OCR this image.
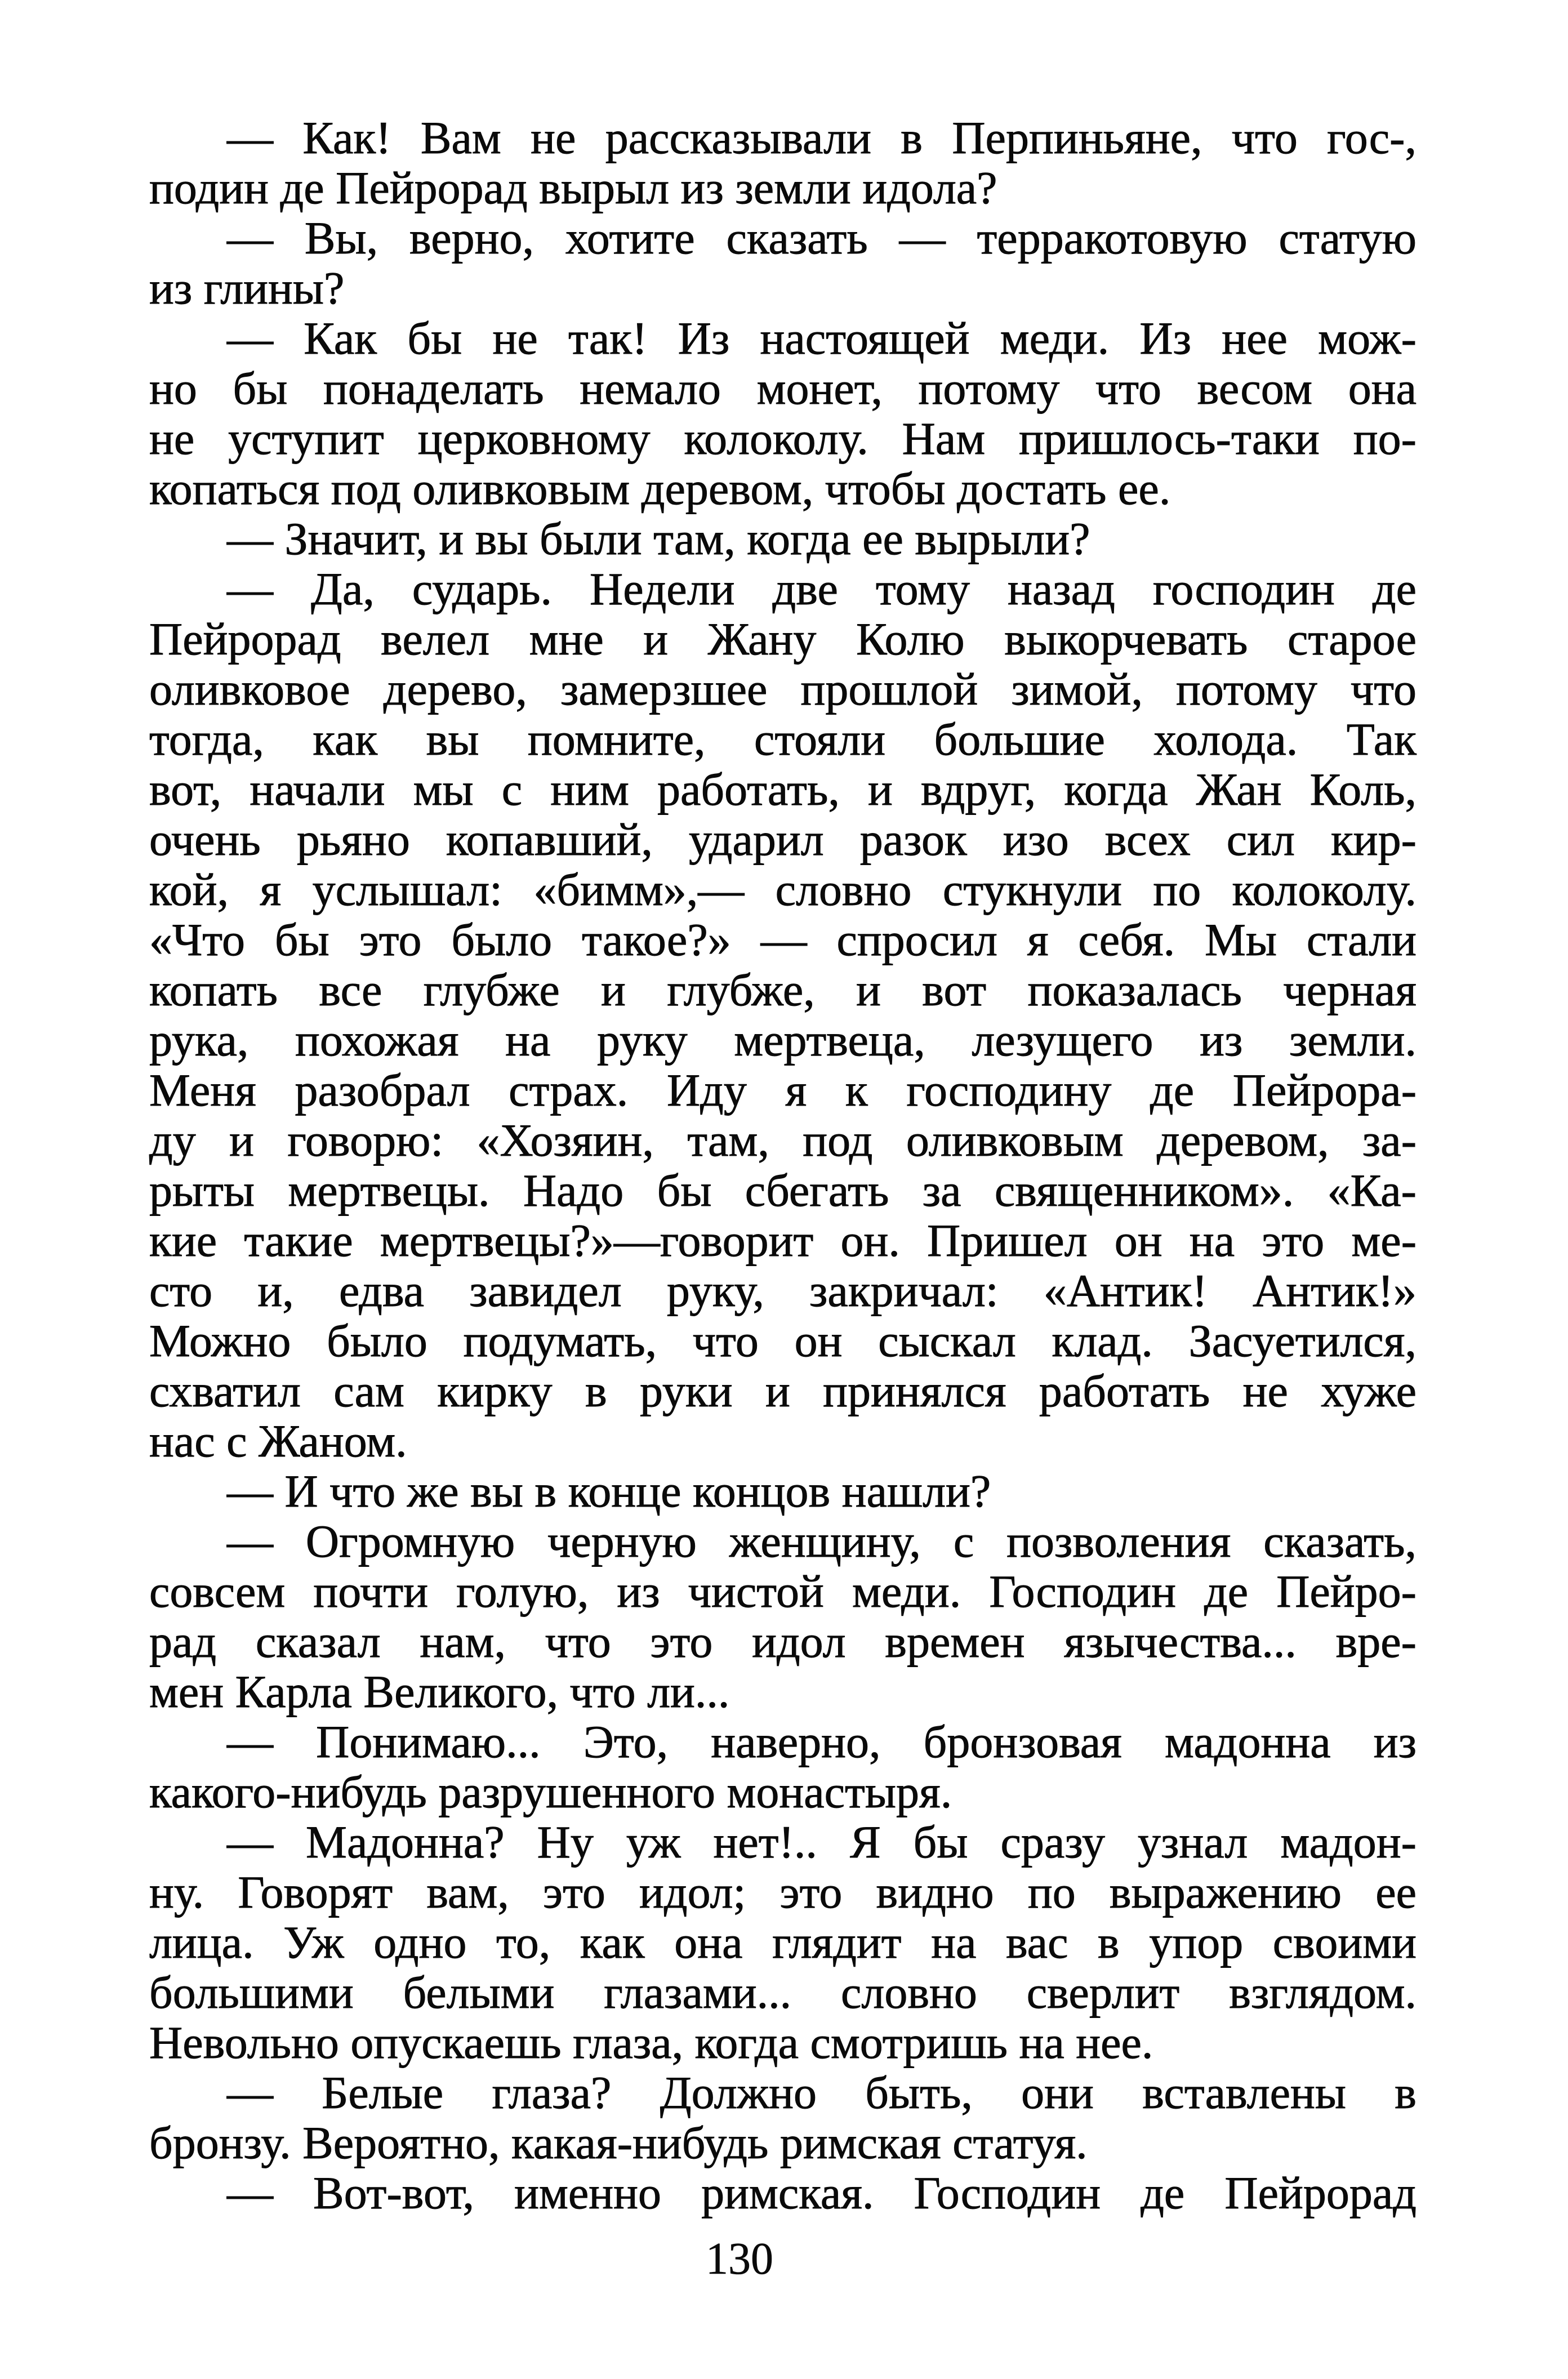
— Как! Вам не рассказывали в Перпиньяне, что гос-,
подин де Пейрорад вырыл из земли идола?
— Вы, верно, хотите сказать — терракотовую статую
из глины?
— Как бы не так! Из настоящей меди. Из нее мож-
но бы понаделать немало монет, потому что весом она
не уступит церковному колоколу. Нам пришлось-таки по-
копаться под оливковым деревом, чтобы достать ее.
— Значит, и вы были там, когда ее вырыли?
— Да, сударь. Недели две тому назад господин де
Пейрорад велел мне и Жану Колю выкорчевать старое
оливковое дерево, замерзшее прошлой зимой, потому что
тогда, как вы помните, стояли большие холода. Так
вот, начали мы с ним работать, и вдруг, когда Жан Коль,
очень рьяно копавший, ударил разок изо всех сил кир-
кой, я услышал: «бимм»,— словно стукнули по колоколу.
«Что бы это было такое?» — спросил я себя. Мы стали
копать все глубже и глубже, и вот показалась черная
рука, похожая на руку мертвеца, лезущего из земли.
Меня разобрал страх. Иду я к господину де Пейрора-
ду и говорю: «Хозяин, там, под оливковым деревом, за-
рыты мертвецы. Надо бы сбегать за священником». «Ка-
кие такие мертвецы?»—говорит он. Пришел он на это ме-
сто и, едва завидел руку, закричал: «Антик! Антик!»
Можно было подумать, что он сыскал клад. Засуетился,
схватил сам кирку в руки и принялся работать не хуже
нас с Жаном.
— И что же вы в конце концов нашли?
— Огромную черную женщину, с позволения сказать,
совсем почти голую, из чистой меди. Господин де Пейро-
рад сказал нам, что это идол времен язычества... вре-
мен Карла Великого, что ли...
— Понимаю... Это, наверно, бронзовая мадонна из
какого-нибудь разрушенного монастыря.
— Мадонна? Ну уж нет!.. Я бы сразу узнал мадон-
ну. Говорят вам, это идол; это видно по выражению ее
лица. Уж одно то, как она глядит на вас в упор своими
большими белыми глазами... словно сверлит взглядом.
Невольно опускаешь глаза, когда смотришь на нее.
— Белые глаза? Должно быть, они вставлены в
бронзу. Вероятно, какая-нибудь римская статуя.
— Вот-вот, именно римская. Господин де Пейрорад
130
